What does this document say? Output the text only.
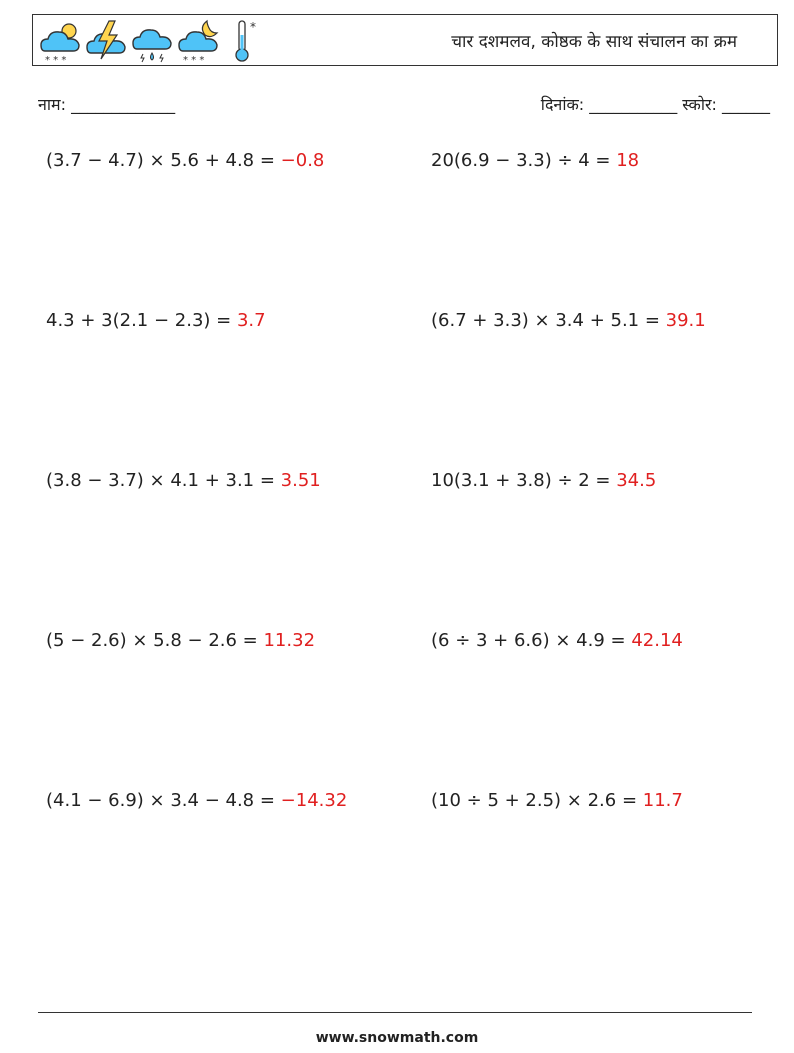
* * *	* * *
*
चार दशमलव, कोष्ठक के साथ संचालन का क्रम
नाम: _____________	दिनांक: ___________ स्कोर: ______
(3.7 − 4.7) × 5.6 + 4.8 = −0.8	20(6.9 − 3.3) ÷ 4 = 18
4.3 + 3(2.1 − 2.3) = 3.7	(6.7 + 3.3) × 3.4 + 5.1 = 39.1
(3.8 − 3.7) × 4.1 + 3.1 = 3.51	10(3.1 + 3.8) ÷ 2 = 34.5
(5 − 2.6) × 5.8 − 2.6 = 11.32	(6 ÷ 3 + 6.6) × 4.9 = 42.14
(4.1 − 6.9) × 3.4 − 4.8 = −14.32	(10 ÷ 5 + 2.5) × 2.6 = 11.7
www.snowmath.com
